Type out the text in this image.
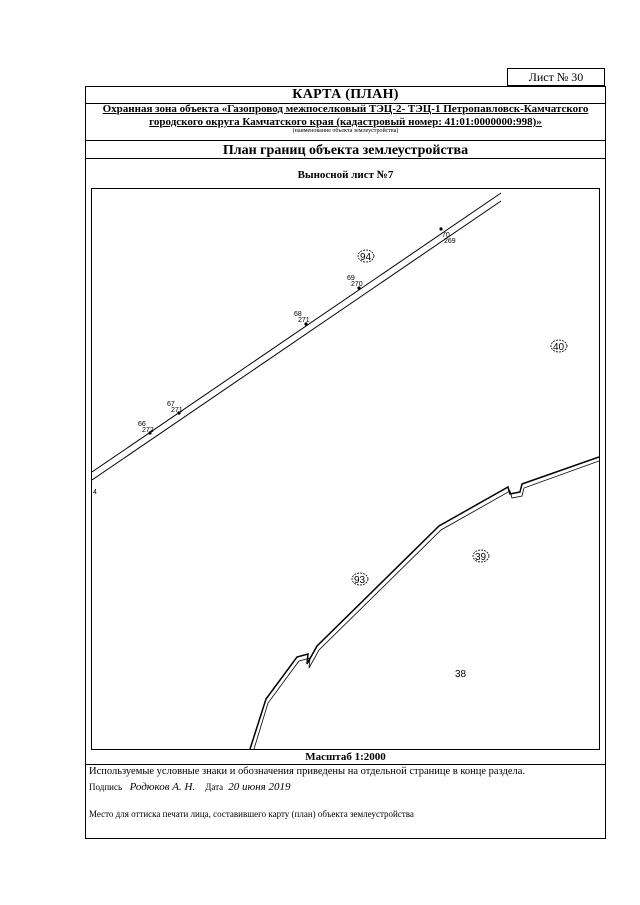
Лист № 30
КАРТА (ПЛАН)
Охранная зона объекта «Газопровод межпоселковый ТЭЦ-2- ТЭЦ-1 Петропавловск-Камчатского
городского округа Камчатского края (кадастровый номер: 41:01:0000000:998)»
(наименование объекта землеустройства)
План границ объекта землеустройства
Выносной лист №7
66
272
67
271
68
271
69
270
70
269
94
40
39
93
38
4
Масштаб 1:2000
Используемые условные знаки и обозначения приведены на отдельной странице в конце раздела.
Подпись Родюков А. Н. Дата 20 июня 2019
Место для оттиска печати лица, составившего карту (план) объекта землеустройства
